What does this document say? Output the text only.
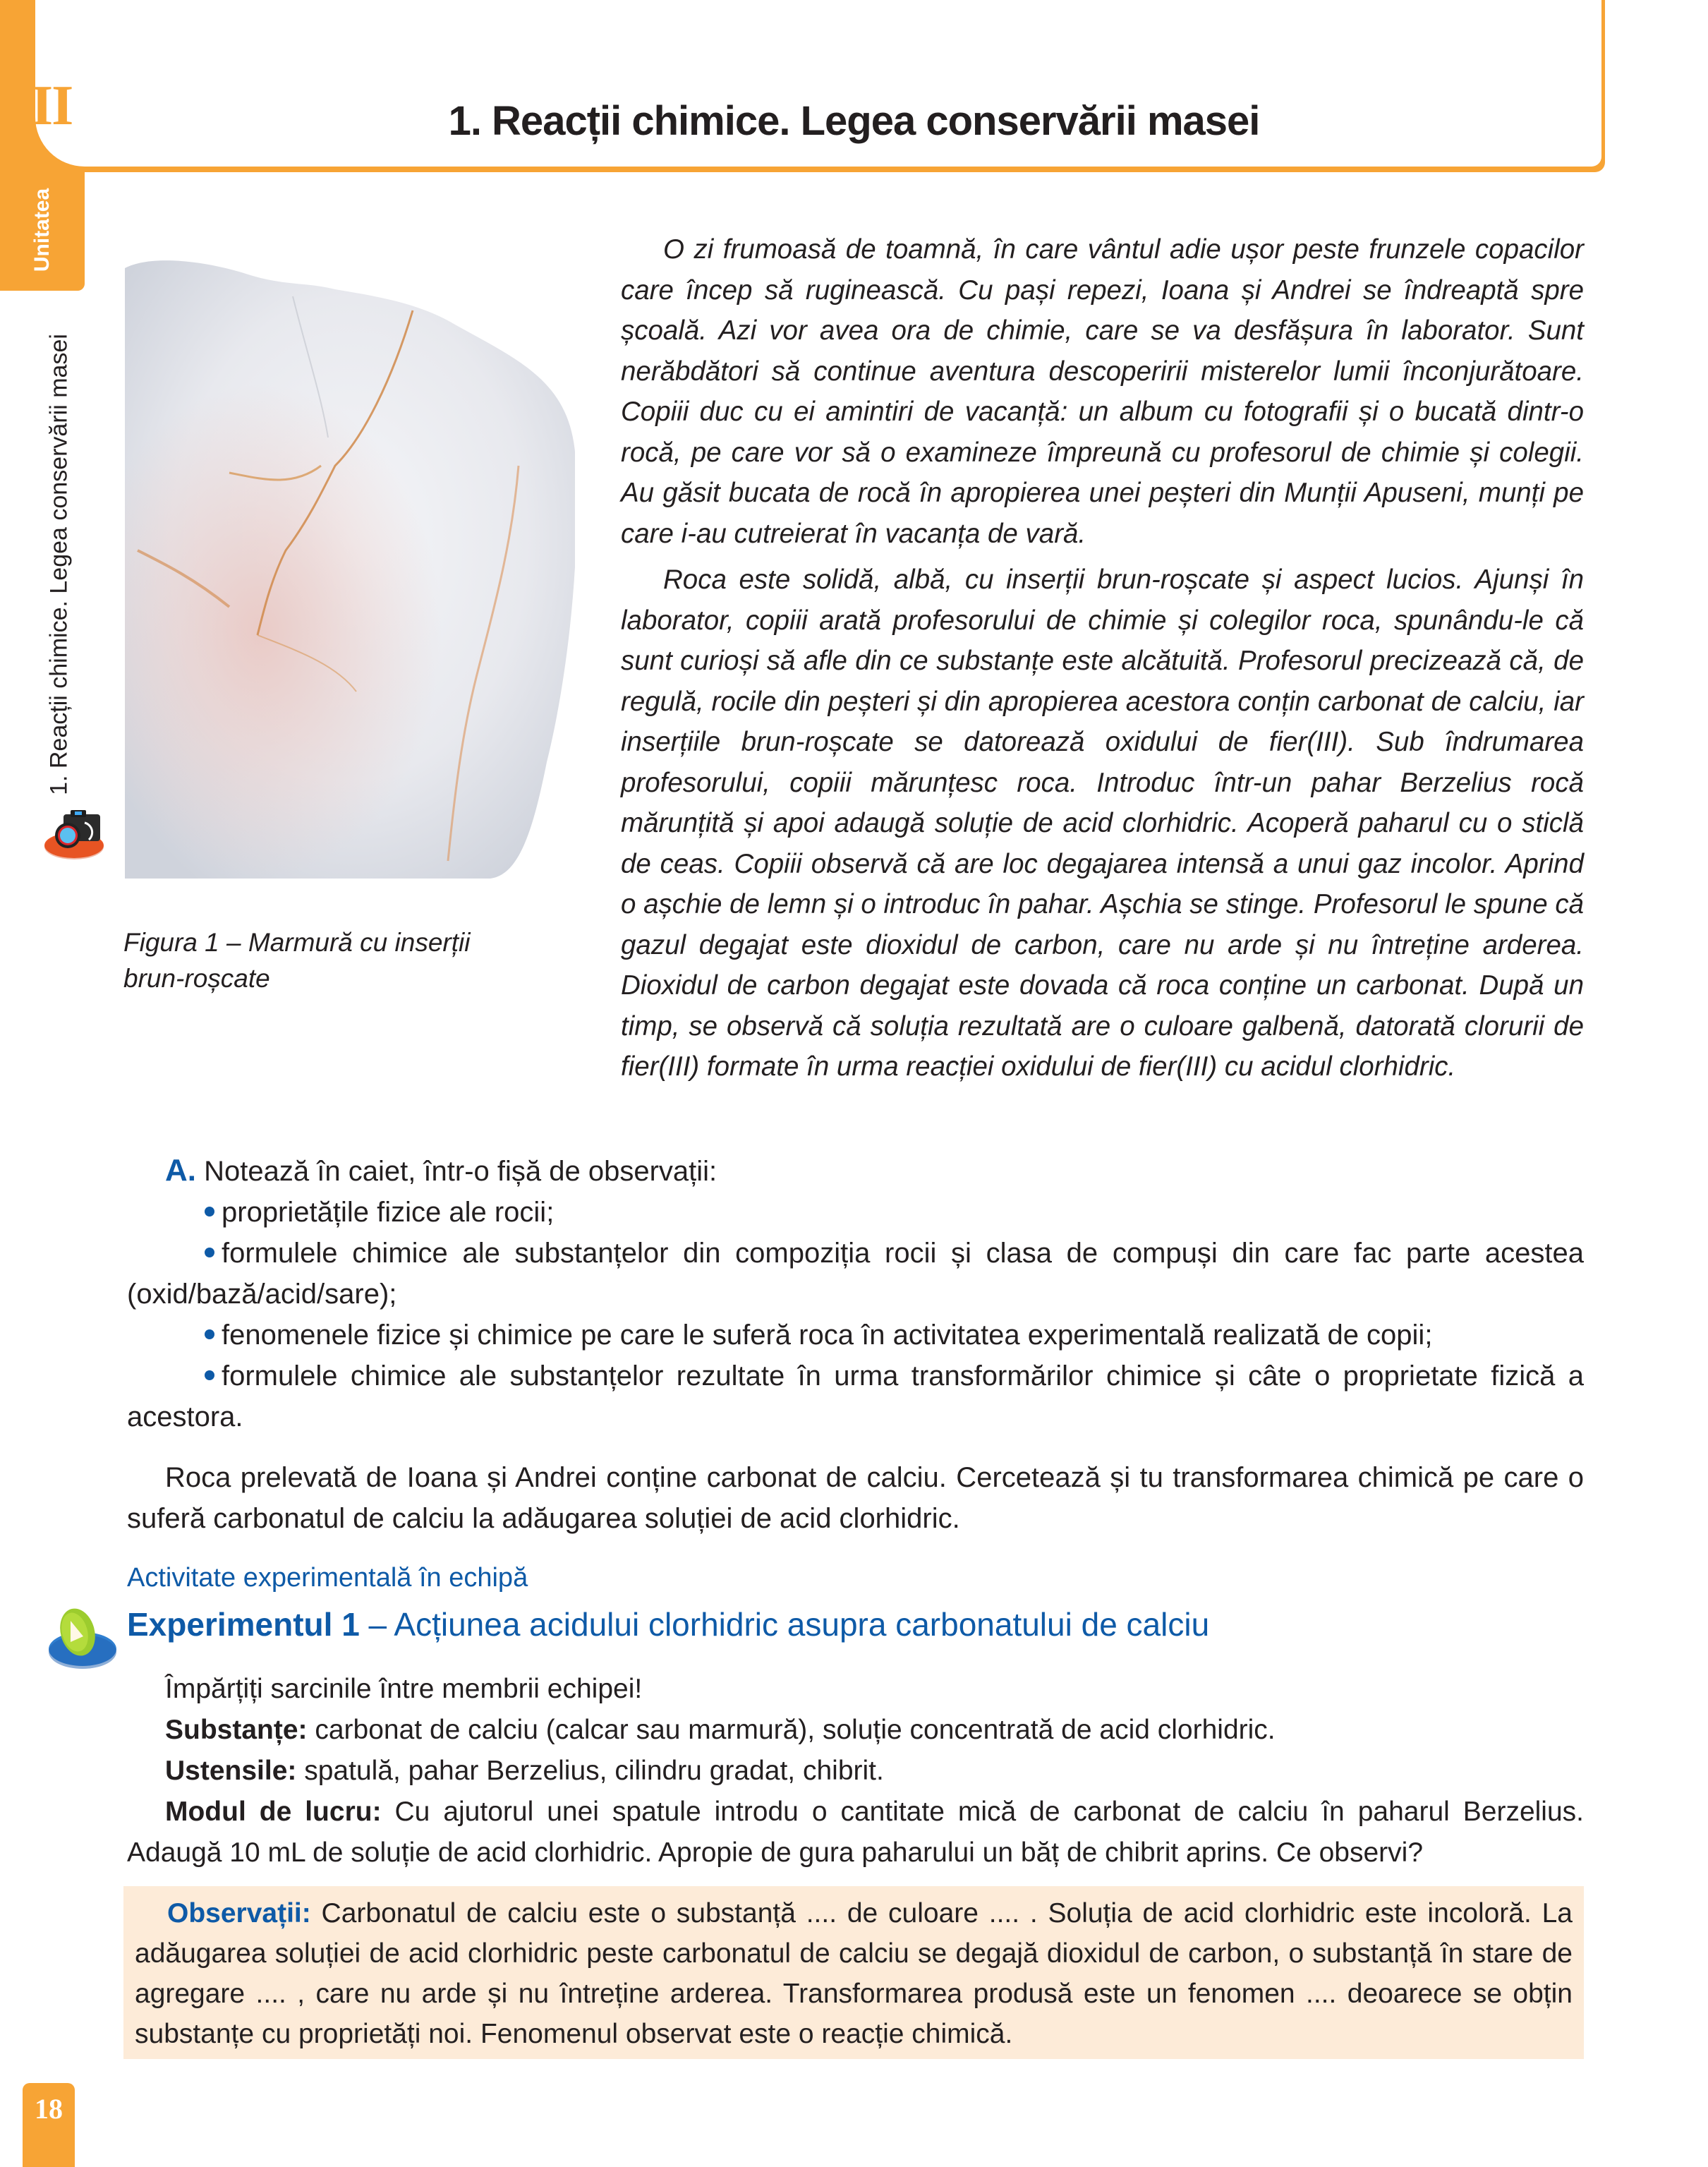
II	1. Reacții chimice. Legea conservării masei
Unitatea
1. Reacții chimice. Legea conservării masei
Figura 1 – Marmură cu inserții
brun-roșcate

O zi frumoasă de toamnă, în care vântul adie ușor peste frunzele copacilor care încep să ruginească. Cu pași repezi, Ioana și Andrei se îndreaptă spre școală. Azi vor avea ora de chimie, care se va desfășura în laborator. Sunt nerăbdători să continue aventura descoperirii misterelor lumii înconjurătoare. Copiii duc cu ei amintiri de vacanță: un album cu fotografii și o bucată dintr-o rocă, pe care vor să o examineze împreună cu profesorul de chimie și colegii. Au găsit bucata de rocă în apropierea unei peșteri din Munții Apuseni, munți pe care i-au cutreierat în vacanța de vară.

Roca este solidă, albă, cu inserții brun-roșcate și aspect lucios. Ajunși în laborator, copiii arată profesorului de chimie și colegilor roca, spunându-le că sunt curioși să afle din ce substanțe este alcătuită. Profesorul precizează că, de regulă, rocile din peșteri și din apropierea acestora conțin carbonat de calciu, iar inserțiile brun-roșcate se datorează oxidului de fier(III). Sub îndrumarea profesorului, copiii mărunțesc roca. Introduc într-un pahar Berzelius rocă mărunțită și apoi adaugă soluție de acid clorhidric. Acoperă paharul cu o sticlă de ceas. Copiii observă că are loc degajarea intensă a unui gaz incolor. Aprind o așchie de lemn și o introduc în pahar. Așchia se stinge. Profesorul le spune că gazul degajat este dioxidul de carbon, care nu arde și nu întreține arderea. Dioxidul de carbon degajat este dovada că roca conține un carbonat. După un timp, se observă că soluția rezultată are o culoare galbenă, datorată clorurii de fier(III) formate în urma reacției oxidului de fier(III) cu acidul clorhidric.

A. Notează în caiet, într-o fișă de observații:
proprietățile fizice ale rocii;
formulele chimice ale substanțelor din compoziția rocii și clasa de compuși din care fac parte acestea (oxid/bază/acid/sare);
fenomenele fizice și chimice pe care le suferă roca în activitatea experimentală realizată de copii;
formulele chimice ale substanțelor rezultate în urma transformărilor chimice și câte o proprietate fizică a acestora.

Roca prelevată de Ioana și Andrei conține carbonat de calciu. Cercetează și tu transformarea chimică pe care o suferă carbonatul de calciu la adăugarea soluției de acid clorhidric.

Activitate experimentală în echipă
Experimentul 1 – Acțiunea acidului clorhidric asupra carbonatului de calciu
Împărțiți sarcinile între membrii echipei!
Substanțe: carbonat de calciu (calcar sau marmură), soluție concentrată de acid clorhidric.
Ustensile: spatulă, pahar Berzelius, cilindru gradat, chibrit.
Modul de lucru: Cu ajutorul unei spatule introdu o cantitate mică de carbonat de calciu în paharul Berzelius. Adaugă 10 mL de soluție de acid clorhidric. Apropie de gura paharului un băț de chibrit aprins. Ce observi?

Observații: Carbonatul de calciu este o substanță .... de culoare .... . Soluția de acid clorhidric este incoloră. La adăugarea soluției de acid clorhidric peste carbonatul de calciu se degajă dioxidul de carbon, o substanță în stare de agregare .... , care nu arde și nu întreține arderea. Transformarea produsă este un fenomen .... deoarece se obțin substanțe cu proprietăți noi. Fenomenul observat este o reacție chimică.

18
